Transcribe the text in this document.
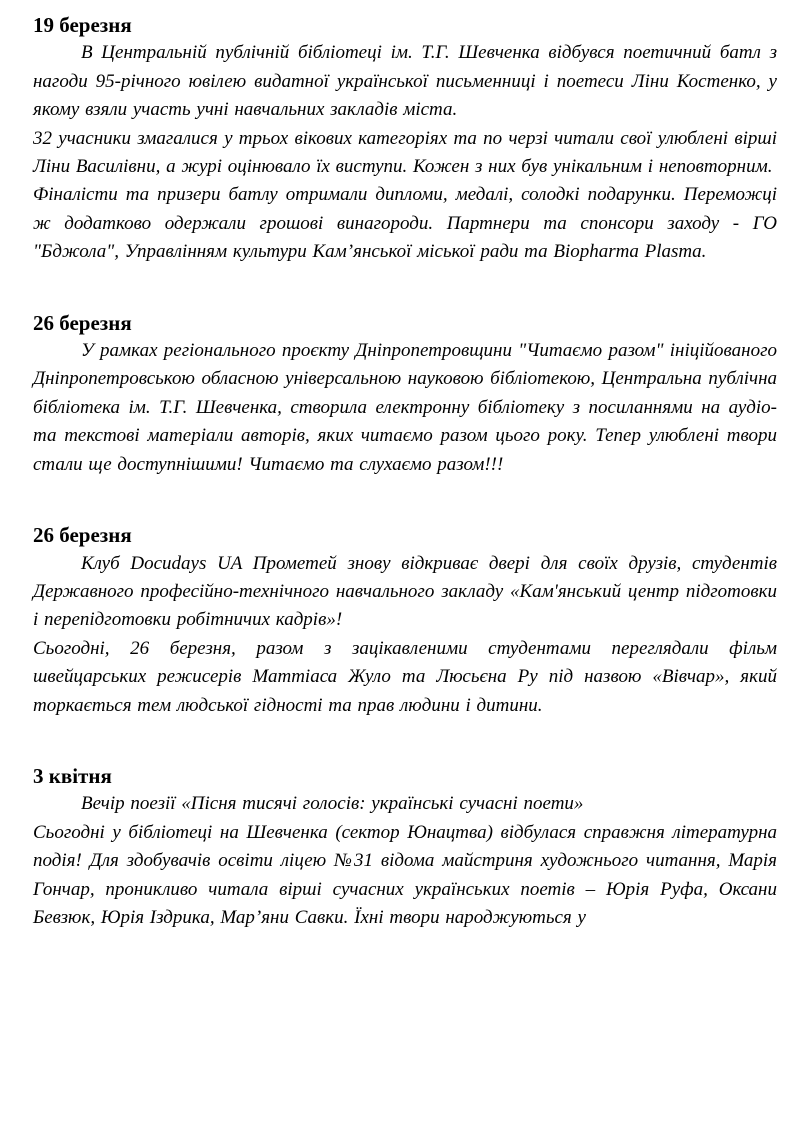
19 березня

В Центральній публічній бібліотеці ім. Т.Г. Шевченка відбувся поетичний батл з нагоди 95-річного ювілею видатної української письменниці і поетеси Ліни Костенко, у якому взяли участь учні навчальних закладів міста.

32 учасники змагалися у трьох вікових категоріях та по черзі читали свої улюблені вірші Ліни Василівни, а журі оцінювало їх виступи. Кожен з них був унікальним і неповторним.

Фіналісти та призери батлу отримали дипломи, медалі, солодкі подарунки. Переможці ж додатково одержали грошові винагороди. Партнери та спонсори заходу - ГО "Бджола", Управлінням культури Кам’янської міської ради та Biopharma Plasma.

26 березня

У рамках регіонального проєкту Дніпропетровщини "Читаємо разом" ініційованого Дніпропетровською обласною універсальною науковою бібліотекою, Центральна публічна бібліотека ім. Т.Г. Шевченка, створила електронну бібліотеку з посиланнями на аудіо- та текстові матеріали авторів, яких читаємо разом цього року. Тепер улюблені твори стали ще доступнішими! Читаємо та слухаємо разом!!!

26 березня

Клуб Docudays UA Прометей знову відкриває двері для своїх друзів, студентів Державного професійно-технічного навчального закладу «Кам'янський центр підготовки і перепідготовки робітничих кадрів»!

Сьогодні, 26 березня, разом з зацікавленими студентами переглядали фільм швейцарських режисерів Маттіаса Жуло та Люсьєна Ру під назвою «Вівчар», який торкається тем людської гідності та прав людини і дитини.

3 квітня

Вечір поезії «Пісня тисячі голосів: українські сучасні поети»

Сьогодні у бібліотеці на Шевченка (сектор Юнацтва) відбулася справжня літературна подія! Для здобувачів освіти ліцею №31 відома майстриня художнього читання, Марія Гончар, проникливо читала вірші сучасних українських поетів – Юрія Руфа, Оксани Бевзюк, Юрія Іздрика, Мар’яни Савки. Їхні твори народжуються у
